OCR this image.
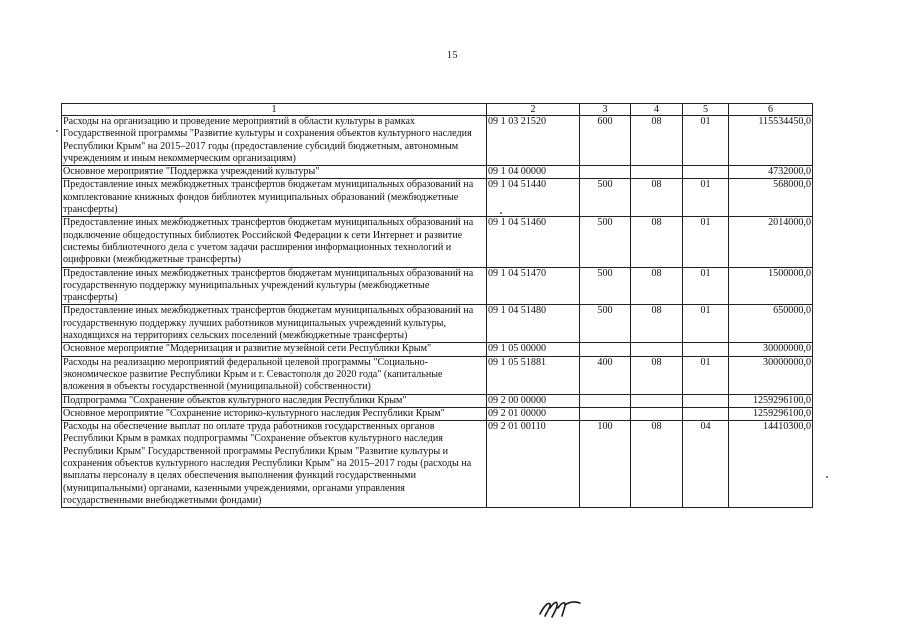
15
1	2	3	4	5	6
Расходы на организацию и проведение мероприятий в области культуры в рамках Государственной программы "Развитие культуры и сохранения объектов культурного наследия Республики Крым" на 2015–2017 годы (предоставление субсидий бюджетным, автономным учреждениям и иным некоммерческим организациям)	09 1 03 21520	600	08	01	115534450,0
Основное мероприятие "Поддержка учреждений культуры"	09 1 04 00000				4732000,0
Предоставление иных межбюджетных трансфертов бюджетам муниципальных образований на комплектование книжных фондов библиотек муниципальных образований (межбюджетные трансферты)	09 1 04 51440	500	08	01	568000,0
Предоставление иных межбюджетных трансфертов бюджетам муниципальных образований на подключение общедоступных библиотек Российской Федерации к сети Интернет и развитие системы библиотечного дела с учетом задачи расширения информационных технологий и оцифровки (межбюджетные трансферты)	09 1 04 51460	500	08	01	2014000,0
Предоставление иных межбюджетных трансфертов бюджетам муниципальных образований на государственную поддержку муниципальных учреждений культуры (межбюджетные трансферты)	09 1 04 51470	500	08	01	1500000,0
Предоставление иных межбюджетных трансфертов бюджетам муниципальных образований на государственную поддержку лучших работников муниципальных учреждений культуры, находящихся на территориях сельских поселений (межбюджетные трансферты)	09 1 04 51480	500	08	01	650000,0
Основное мероприятие "Модернизация и развитие музейной сети Республики Крым"	09 1 05 00000				30000000,0
Расходы на реализацию мероприятий федеральной целевой программы "Социально-экономическое развитие Республики Крым и г. Севастополя до 2020 года" (капитальные вложения в объекты государственной (муниципальной) собственности)	09 1 05 51881	400	08	01	30000000,0
Подпрограмма "Сохранение объектов культурного наследия Республики Крым"	09 2 00 00000				1259296100,0
Основное мероприятие "Сохранение историко-культурного наследия Республики Крым"	09 2 01 00000				1259296100,0
Расходы на обеспечение выплат по оплате труда работников государственных органов Республики Крым в рамках подпрограммы "Сохранение объектов культурного наследия Республики Крым" Государственной программы Республики Крым "Развитие культуры и сохранения объектов культурного наследия Республики Крым" на 2015–2017 годы (расходы на выплаты персоналу в целях обеспечения выполнения функций государственными (муниципальными) органами, казенными учреждениями, органами управления государственными внебюджетными фондами)	09 2 01 00110	100	08	04	14410300,0
